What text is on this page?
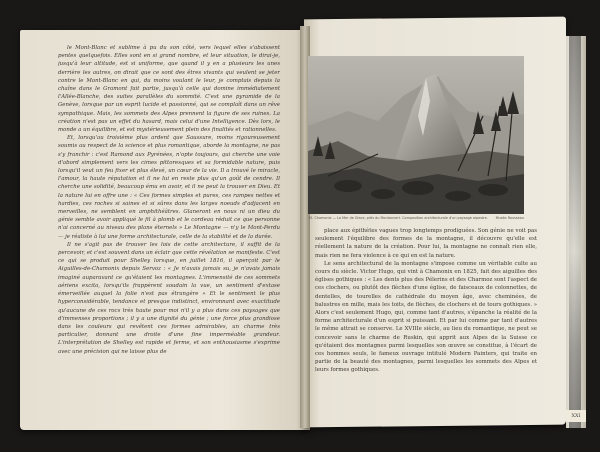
XXI

le Mont-Blanc et sublime à pu du son côté, vers lequel elles s'abaissent pentes quelquefois. Elles sont en si grand nombre, et leur situation, le dirai-je, jusqu'à leur altitude, est si uniforme, que quand il y en a plusieurs les unes derrière les autres, on dirait que ce sont des êtres vivants qui veulent se jeter contre le Mont-Blanc en qui, du moins voulant le leur, je comptais depuis la chaîne dans le Gramont fait partie, jusqu'à celle qui domine immédiatement l'Allée-Blanche, des suites parallèles du sommité. C'est une pyramide de la Genève, lorsque par un esprit lucide et passionné, qui se complaît dans un rêve sympathique. Mais, les sommets des Alpes prennent la figure de ses ruines. La création n'est pas un effet du hasard, mais celui d'une Intelligence. Dès lors, le monde a un équilibre, et est mystérieusement plein des finalités et rationnelles.

Et, lorsqu'au troisième plus ardent que Saussure, moins rigoureusement soumis au respect de la science et plus romantique, aborde la montagne, ne pas s'y franchir : c'est Ramond aux Pyrénées, n'opte toujours, qui cherche une voie d'abord simplement vers les cimes pittoresques et sa formidable nature, puis lorsqu'il veut un feu fixer et plus élevé, un cœur de la vie. Il a trouvé le miracle, l'amour, la haute réputation et il ne lui en reste plus qu'un goût de cendre. Il cherche une solidité, beaucoup ému en avoir, et il ne peut la trouver en Dieu. Et la nature lui en offre une : « Ces formes simples et pures, ces rampes nettes et hardies, ces roches si saines et si sûres dans les larges noeuds d'adjacent en merveilles, ne semblent en amphithéâtres. Glaneront en nous ni un dieu du génie semble avoir appliqué le fil à plomb et le cordeau réduit ce que personne n'ai concerné au niveau des plans éternels » Le Montagne — n'y le Mont-Perdu — je réaliste à lui une forme architecturale, celle de la stabilité et de la durée.

Il ne s'agit pas de trouver les lois de cette architecture, il suffit de la percevoir, et c'est souvent dans un éclair que cette révélation se manifeste. C'est ce qui se produit pour Shelley lorsque, en juillet 1816, il aperçoit par le Aiguilles-de-Chamonix depuis Servoz : « Je n'avais jamais su, je n'avais jamais imaginé auparavant ce qu'étaient les montagnes. L'immensité de ces sommets aériens excita, lorsqu'ils frappèrent soudain la vue, un sentiment d'extase émerveillée auquel la folie n'est pas étrangère » Et le sentiment le plus hyperconsidérable, tendance et presque indistinct, environnant avec exactitude qu'aucune de ces rocs très haute pour moi n'il y a plus dans ces paysages que d'immenses proportions ; il y a une dignité du génie ; une force plus grandiose dans les couleurs qui revêtent ces formes admirables, un charme très particulier, donnant une droite d'une fine imperméable grandeur. L'interprétation de Shelley est rapide et ferme, et son enthousiasme s'exprime avec une précision qui ne laisse plus de

15. Chamonix — La Mer de Glace, près du Montanvert. Composition architecturale d'un paysage alpestre. Musée Rousseau

place aux épithètes vagues trop longtemps prodiguées. Son génie ne voit pas seulement l'équilibre des formes de la montagne, il découvre qu'elle est réellement la nature de la création. Pour lui, la montagne ne connaît rien elle, mais rien ne fera violence à ce qui en est la nature.

Le sens architectural de la montagne s'impose comme un véritable culte au cours du siècle. Victor Hugo, qui vint à Chamonix en 1825, fait des aiguilles des églises gothiques : « Les dents plus des Pélerins et des Charmoz sont l'aspect de ces clochers, ou plutôt des flèches d'une église, de faisceaux de colonnettes, de dentelles, de tourelles de cathédrale du moyen âge, avec cheminées, de balustres en mille, mais les toits, de flèches, de clochers et de tours gothiques. » Alors c'est seulement Hugo, qui, comme tant d'autres, s'épanche la réalité de la forme architecturale d'un esprit si puissant. Et par lui comme par tant d'autres le même attrait se conserve. Le XVIIIe siècle, au lieu du romantique, ne peut se concevoir sans le charme de Ruskin, qui apprit aux Alpes de la Suisse ce qu'étaient des montagnes parmi lesquelles son œuvre se constitue, à l'écart de ces hommes seuls, le fameux ouvrage intitulé Modern Painters, qui traite en partie de la beauté des montagnes, parmi lesquelles les sommets des Alpes et leurs formes gothiques.
